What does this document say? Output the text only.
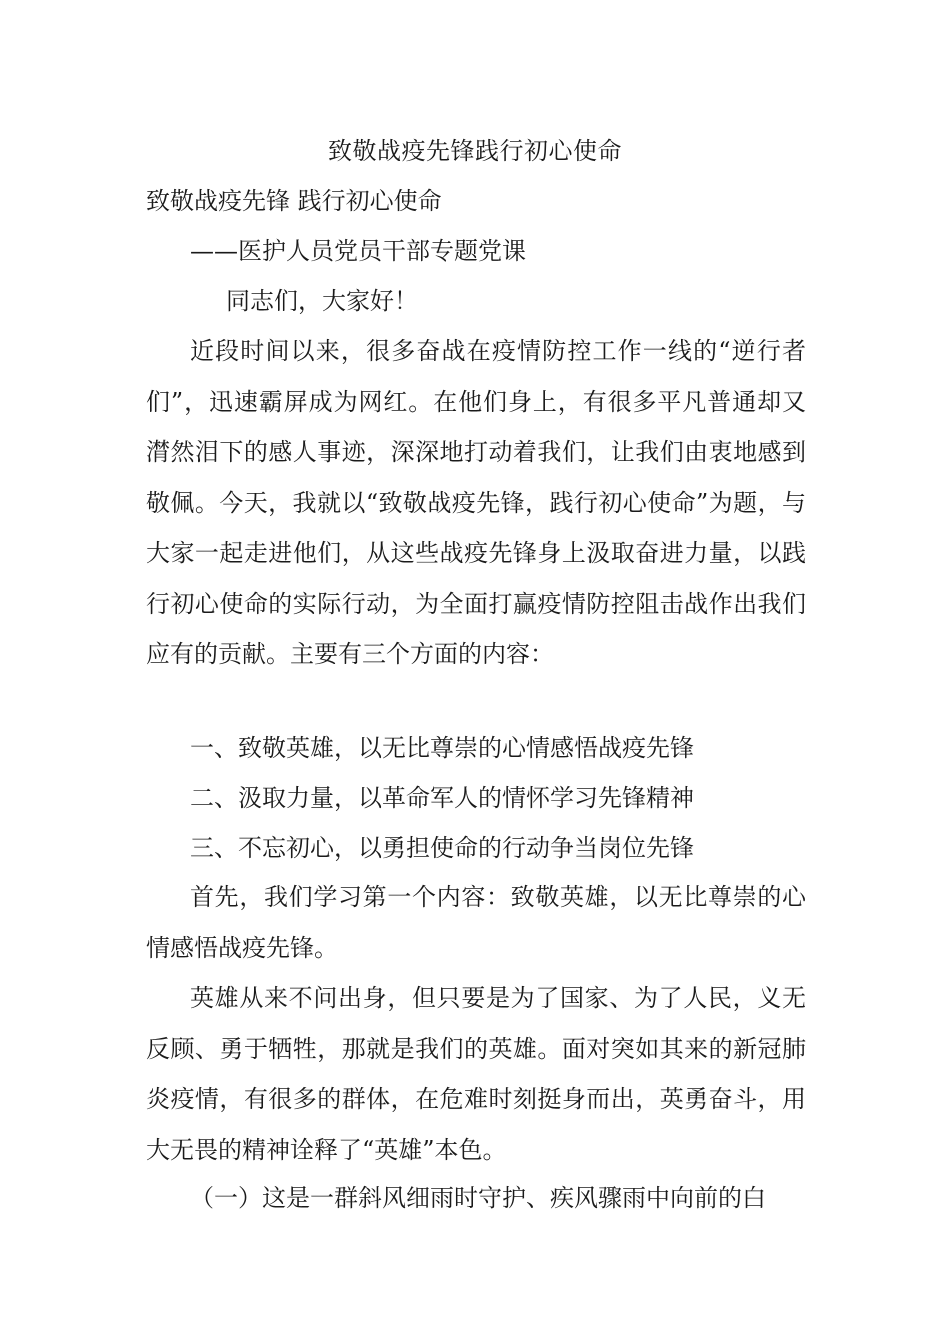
致敬战疫先锋践行初心使命
致敬战疫先锋 践行初心使命
——医护人员党员干部专题党课
同志们，大家好！
近段时间以来，很多奋战在疫情防控工作一线的“逆行者们”，迅速霸屏成为网红。在他们身上，有很多平凡普通却又潸然泪下的感人事迹，深深地打动着我们，让我们由衷地感到敬佩。今天，我就以“致敬战疫先锋，践行初心使命”为题，与大家一起走进他们，从这些战疫先锋身上汲取奋进力量，以践行初心使命的实际行动，为全面打赢疫情防控阻击战作出我们应有的贡献。主要有三个方面的内容：
一、致敬英雄，以无比尊崇的心情感悟战疫先锋
二、汲取力量，以革命军人的情怀学习先锋精神
三、不忘初心，以勇担使命的行动争当岗位先锋
首先，我们学习第一个内容：致敬英雄，以无比尊崇的心情感悟战疫先锋。
英雄从来不问出身，但只要是为了国家、为了人民，义无反顾、勇于牺牲，那就是我们的英雄。面对突如其来的新冠肺炎疫情，有很多的群体，在危难时刻挺身而出，英勇奋斗，用大无畏的精神诠释了“英雄”本色。
（一）这是一群斜风细雨时守护、疾风骤雨中向前的白
